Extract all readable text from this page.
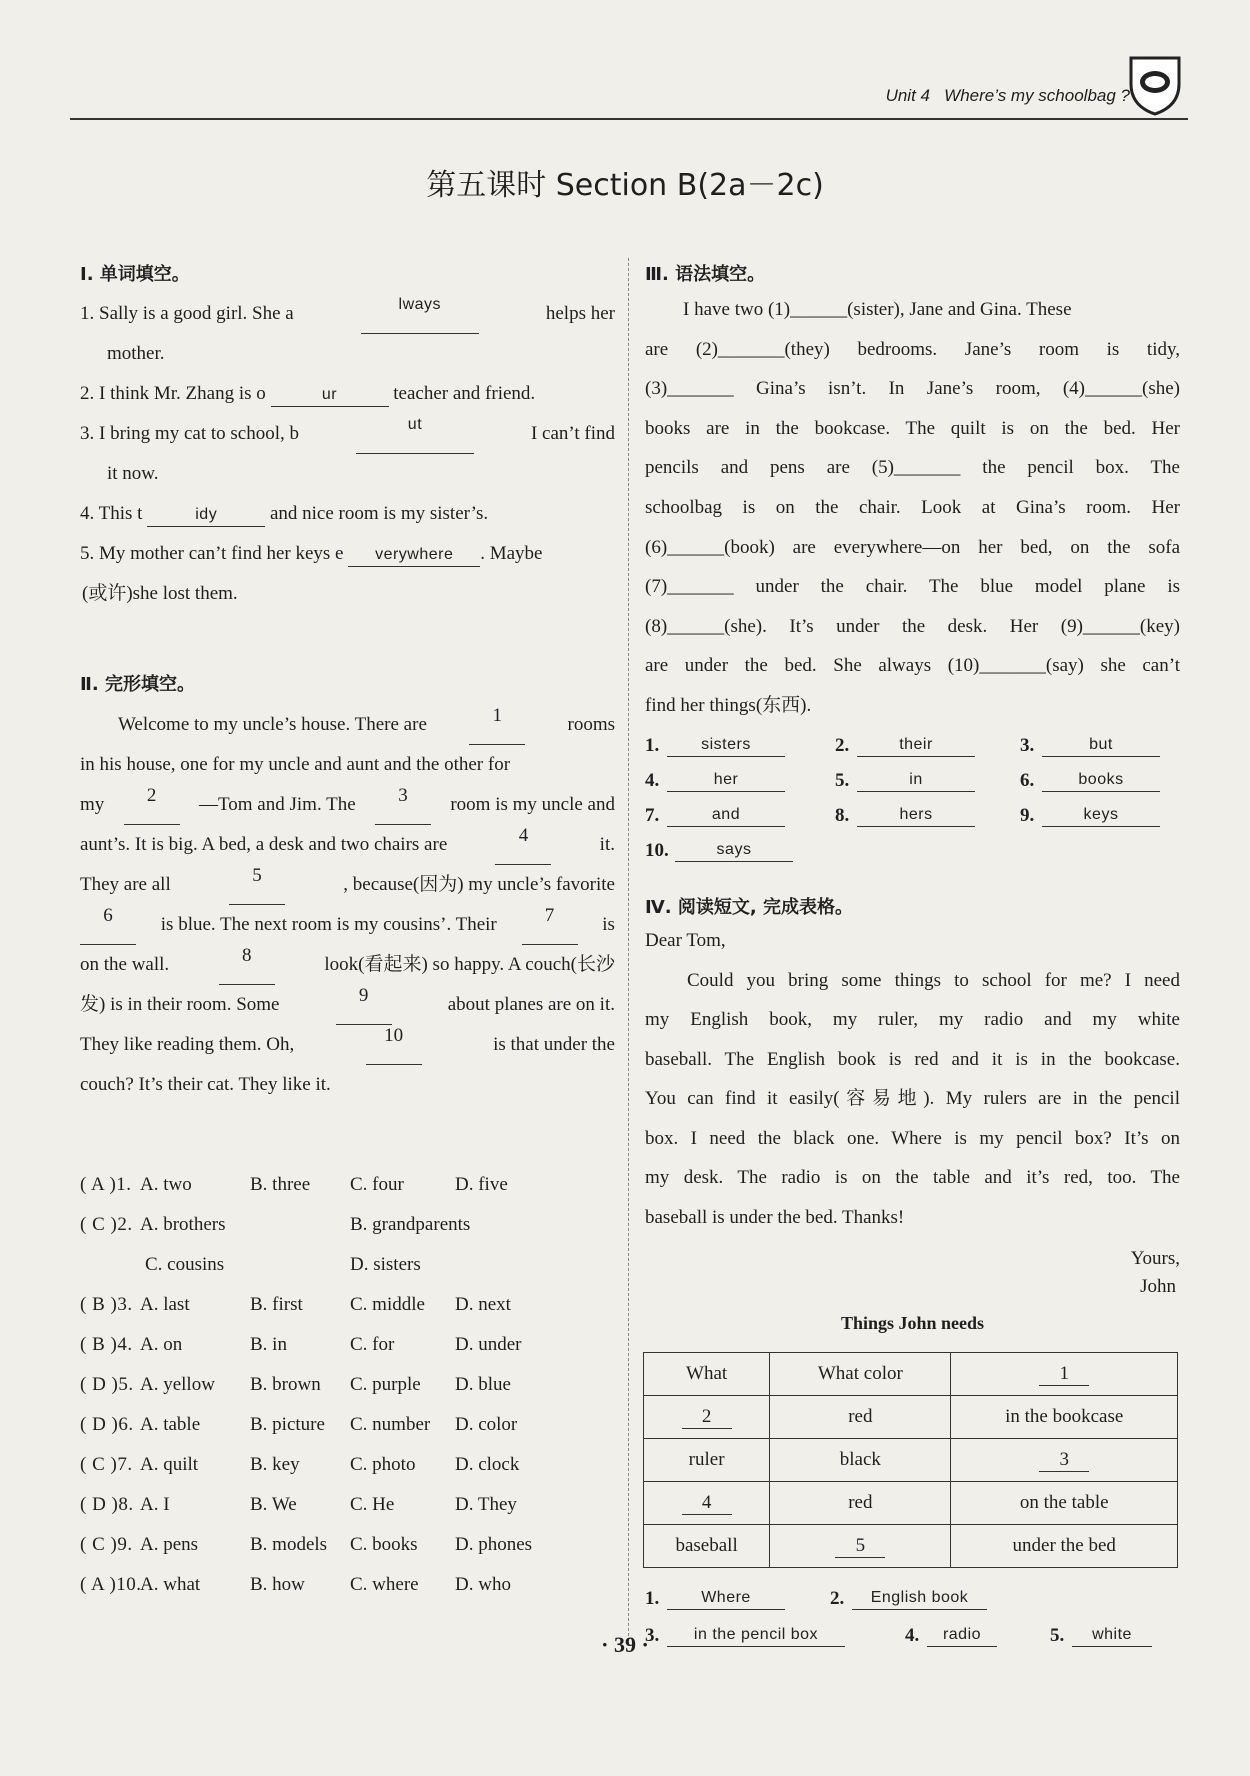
Unit 4 Where’s my schoolbag ?
第五课时 Section B(2a－2c)
Ⅰ. 单词填空。
1. Sally is a good girl. She a	lways	helps her
mother.
2. I think Mr. Zhang is o	ur	teacher and friend.
3. I bring my cat to school, b	ut	I can’t find
it now.
4. This t	idy	and nice room is my sister’s.
5. My mother can’t find her keys e verywhere . Maybe
(或许)she lost them.
Ⅱ. 完形填空。
Welcome to my uncle’s house. There are	1	rooms
in his house, one for my uncle and aunt and the other for
my	2	—Tom and Jim. The	3	room is my uncle and
aunt’s. It is big. A bed, a desk and two chairs are	4	it.
They are all	5	, because(因为) my uncle’s favorite
6	is blue. The next room is my cousins’. Their	7	is
on the wall.	8	look(看起来) so happy. A couch(长沙
发) is in their room. Some	9	about planes are on it.
They like reading them. Oh,	10	is that under the
couch? It’s their cat. They like it.
( A )1. A. two	B. three C. four	D. five
( C )2. A. brothers	B. grandparents
C. cousins	D. sisters
( B )3. A. last	B. first C. middle D. next
( B )4. A. on	B. in	C. for	D. under
( D )5. A. yellow B. brown C. purple D. blue
( D )6. A. table	B. picture C. number D. color
( C )7. A. quilt	B. key	C. photo D. clock
( D )8. A. I	B. We	C. He	D. They
( C )9. A. pens	B. models C. books D. phones
( A )10.
A. what	B. how C. where D. who
Ⅲ. 语法填空。
I have two (1)______(sister), Jane and Gina. These
are (2)_______(they) bedrooms. Jane’s room is tidy,
(3)_______ Gina’s isn’t. In Jane’s room, (4)______(she)
books are in the bookcase. The quilt is on the bed. Her
pencils and pens are (5)_______ the pencil box. The
schoolbag is on the chair. Look at Gina’s room. Her
(6)______(book) are everywhere—on her bed, on the sofa
(7)_______ under the chair. The blue model plane is
(8)______(she). It’s under the desk. Her (9)______(key)
are under the bed. She always (10)_______(say) she can’t
find her things(东西).
1.	sisters	2.	their	3.	but
4.	her	5.	in	6.	books
7.	and	8.	hers	9.	keys
10.	says
Ⅳ. 阅读短文, 完成表格。
Dear Tom,
Could you bring some things to school for me? I need
my English book, my ruler, my radio and my white
baseball. The English book is red and it is in the bookcase.
You can find it easily(容易地). My rulers are in the pencil
box. I need the black one. Where is my pencil box? It’s on
my desk. The radio is on the table and it’s red, too. The
baseball is under the bed. Thanks!
Yours,
John
Things John needs
What	What color	1
2	red	in the bookcase
ruler	black	3
4	red	on the table
baseball	5	under the bed
1.	Where	2.	English book
3.	in the pencil box	4.	radio	5.	white
· 39 ·
